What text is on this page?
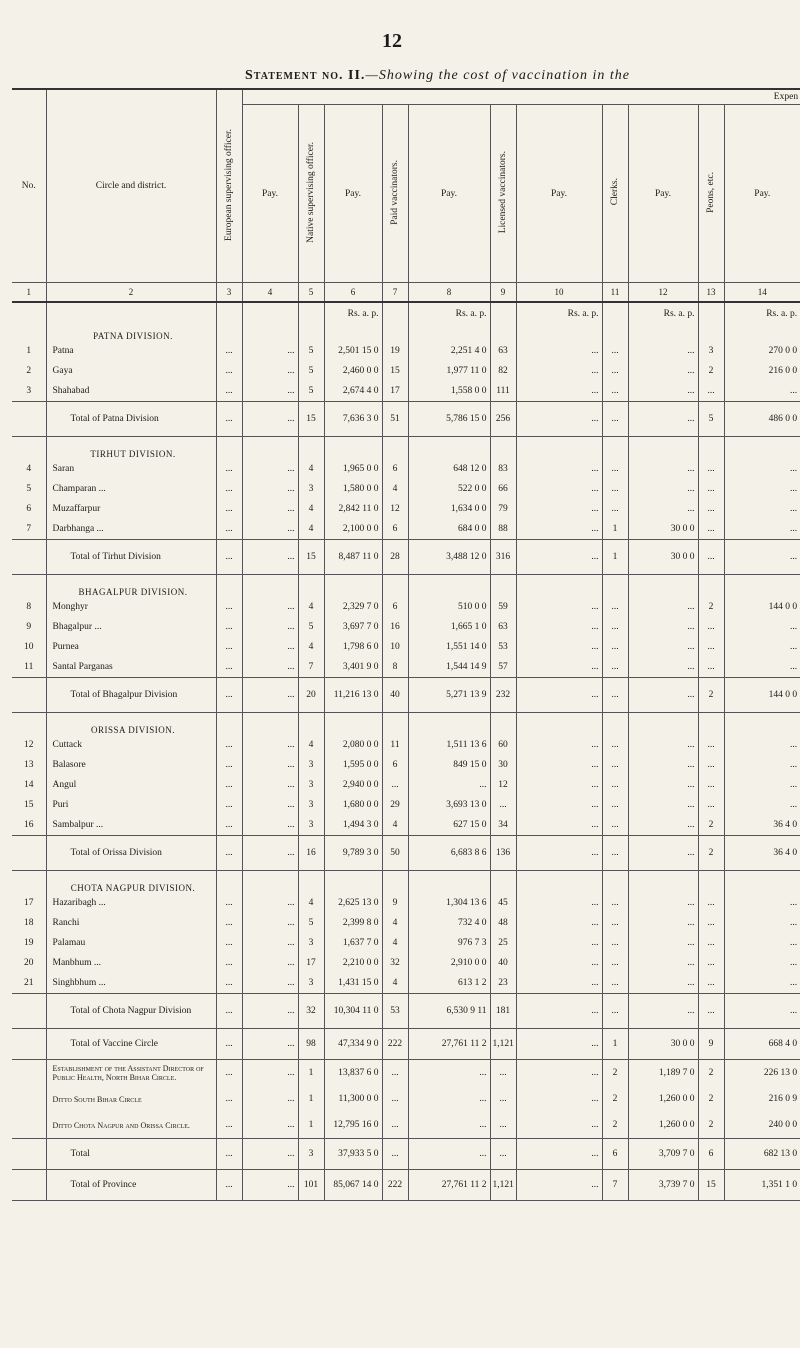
12
Statement no. II.—Showing the cost of vaccination in the
No.	Circle and district.	European supervising officer.	Expen										
			Pay.	Native supervising officer.	Pay.	Paid vaccinators.	Pay.	Licensed vaccinators.	Pay.	Clerks.	Pay.	Peons, etc.	Pay.
1	2	3	4	5	6	7	8	9	10	11	12	13	14
					Rs. a. p.		Rs. a. p.		Rs. a. p.		Rs. a. p.		Rs. a. p.
	PATNA DIVISION.												
1	Patna	...	...	5	2,501 15 0	19	2,251 4 0	63	...	...	...	3	270 0 0
2	Gaya	...	...	5	2,460 0 0	15	1,977 11 0	82	...	...	...	2	216 0 0
3	Shahabad	...	...	5	2,674 4 0	17	1,558 0 0	111	...	...	...	...	...
	Total of Patna Division	...	...	15	7,636 3 0	51	5,786 15 0	256	...	...	...	5	486 0 0
	TIRHUT DIVISION.												
4	Saran	...	...	4	1,965 0 0	6	648 12 0	83	...	...	...	...	...
5	Champaran ...	...	...	3	1,580 0 0	4	522 0 0	66	...	...	...	...	...
6	Muzaffarpur	...	...	4	2,842 11 0	12	1,634 0 0	79	...	...	...	...	...
7	Darbhanga ...	...	...	4	2,100 0 0	6	684 0 0	88	...	1	30 0 0	...	...
	Total of Tirhut Division	...	...	15	8,487 11 0	28	3,488 12 0	316	...	1	30 0 0	...	...
	BHAGALPUR DIVISION.												
8	Monghyr	...	...	4	2,329 7 0	6	510 0 0	59	...	...	...	2	144 0 0
9	Bhagalpur ...	...	...	5	3,697 7 0	16	1,665 1 0	63	...	...	...	...	...
10	Purnea	...	...	4	1,798 6 0	10	1,551 14 0	53	...	...	...	...	...
11	Santal Parganas	...	...	7	3,401 9 0	8	1,544 14 9	57	...	...	...	...	...
	Total of Bhagalpur Division	...	...	20	11,216 13 0	40	5,271 13 9	232	...	...	...	2	144 0 0
	ORISSA DIVISION.												
12	Cuttack	...	...	4	2,080 0 0	11	1,511 13 6	60	...	...	...	...	...
13	Balasore	...	...	3	1,595 0 0	6	849 15 0	30	...	...	...	...	...
14	Angul	...	...	3	2,940 0 0	...	...	12	...	...	...	...	...
15	Puri	...	...	3	1,680 0 0	29	3,693 13 0	...	...	...	...	...	...
16	Sambalpur ...	...	...	3	1,494 3 0	4	627 15 0	34	...	...	...	2	36 4 0
	Total of Orissa Division	...	...	16	9,789 3 0	50	6,683 8 6	136	...	...	...	2	36 4 0
	CHOTA NAGPUR DIVISION.												
17	Hazaribagh ...	...	...	4	2,625 13 0	9	1,304 13 6	45	...	...	...	...	...
18	Ranchi	...	...	5	2,399 8 0	4	732 4 0	48	...	...	...	...	...
19	Palamau	...	...	3	1,637 7 0	4	976 7 3	25	...	...	...	...	...
20	Manbhum ...	...	...	17	2,210 0 0	32	2,910 0 0	40	...	...	...	...	...
21	Singhbhum ...	...	...	3	1,431 15 0	4	613 1 2	23	...	...	...	...	...
	Total of Chota Nagpur Division	...	...	32	10,304 11 0	53	6,530 9 11	181	...	...	...	...	...
	Total of Vaccine Circle	...	...	98	47,334 9 0	222	27,761 11 2	1,121	...	1	30 0 0	9	668 4 0
	Establishment of the Assistant Director of Public Health, North Bihar Circle.	...	...	1	13,837 6 0	...	...	...	...	2	1,189 7 0	2	226 13 0
	Ditto South Bihar Circle	...	...	1	11,300 0 0	...	...	...	...	2	1,260 0 0	2	216 0 9
	Ditto Chota Nagpur and Orissa Circle.	...	...	1	12,795 16 0	...	...	...	...	2	1,260 0 0	2	240 0 0
	Total	...	...	3	37,933 5 0	...	...	...	...	6	3,709 7 0	6	682 13 0
	Total of Province	...	...	101	85,067 14 0	222	27,761 11 2	1,121	...	7	3,739 7 0	15	1,351 1 0
